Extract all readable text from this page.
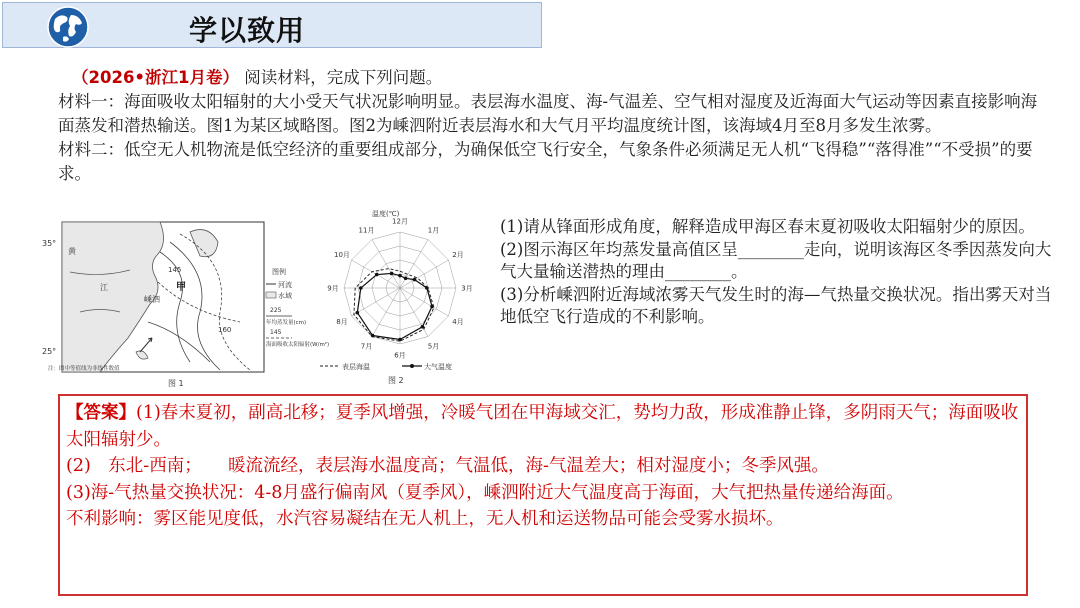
学以致用

（2026•浙江1月卷） 阅读材料，完成下列问题。

材料一：海面吸收太阳辐射的大小受天气状况影响明显。表层海水温度、海-气温差、空气相对湿度及近海面大气运动等因素直接影响海面蒸发和潜热输送。图1为某区域略图。图2为嵊泗附近表层海水和大气月平均温度统计图，该海域4月至8月多发生浓雾。

材料二：低空无人机物流是低空经济的重要组成部分，为确保低空飞行安全，气象条件必须满足无人机“飞得稳”“落得准”“不受损”的要求。

35°
25°
黄
江	甲
嵊泗
145
160
图例
河流
水域
225
年均蒸发量(cm)
145
海面吸收太阳辐射(W/m²)
注：图中等值线为非线性数值
图 1
温度(℃)
12月
1月
2月
3月
4月
5月
6月
7月
8月
9月
10月
11月
表层海温	大气温度
图 2

(1)请从锋面形成角度，解释造成甲海区春末夏初吸收太阳辐射少的原因。

(2)图示海区年均蒸发量高值区呈________走向，说明该海区冬季因蒸发向大气大量输送潜热的理由________。

(3)分析嵊泗附近海域浓雾天气发生时的海—气热量交换状况。指出雾天对当地低空飞行造成的不利影响。

【答案】(1)春末夏初，副高北移；夏季风增强，冷暖气团在甲海域交汇，势均力敌，形成准静止锋，多阴雨天气；海面吸收太阳辐射少。

(2)　东北-西南；　　暖流流经，表层海水温度高；气温低，海-气温差大；相对湿度小；冬季风强。

(3)海-气热量交换状况：4-8月盛行偏南风（夏季风），嵊泗附近大气温度高于海面，大气把热量传递给海面。

不利影响：雾区能见度低，水汽容易凝结在无人机上，无人机和运送物品可能会受雾水损坏。
